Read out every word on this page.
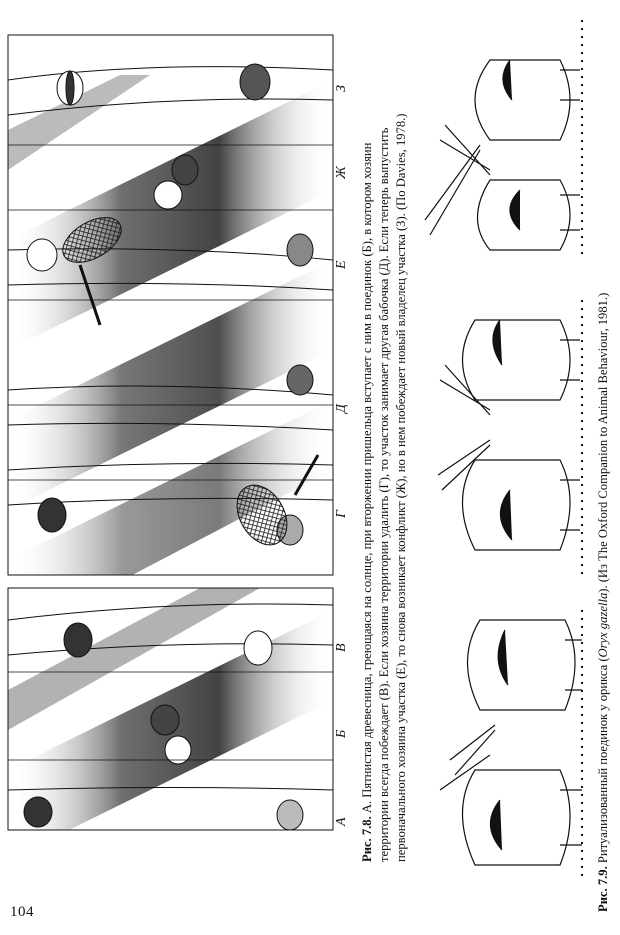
104
А
Б
В
Г
Д
Е
Ж
З
Рис. 7.8. А. Пятнистая древесница, греющаяся на солнце, при вторжении пришельца вступает с ним в поединок (Б), в котором хозяин территории всегда побеждает (В). Если хозяина территории удалить (Г), то участок занимает другая бабочка (Д). Если теперь выпустить первоначального хозяина участка (Е), то снова возникает конфликт (Ж), но в нем побеждает новый владелец участка (З). (По Davies, 1978.)
Рис. 7.9. Ритуализованный поединок у орикса (Oryx gazella). (Из The Oxford Companion to Animal Behaviour, 1981.)
